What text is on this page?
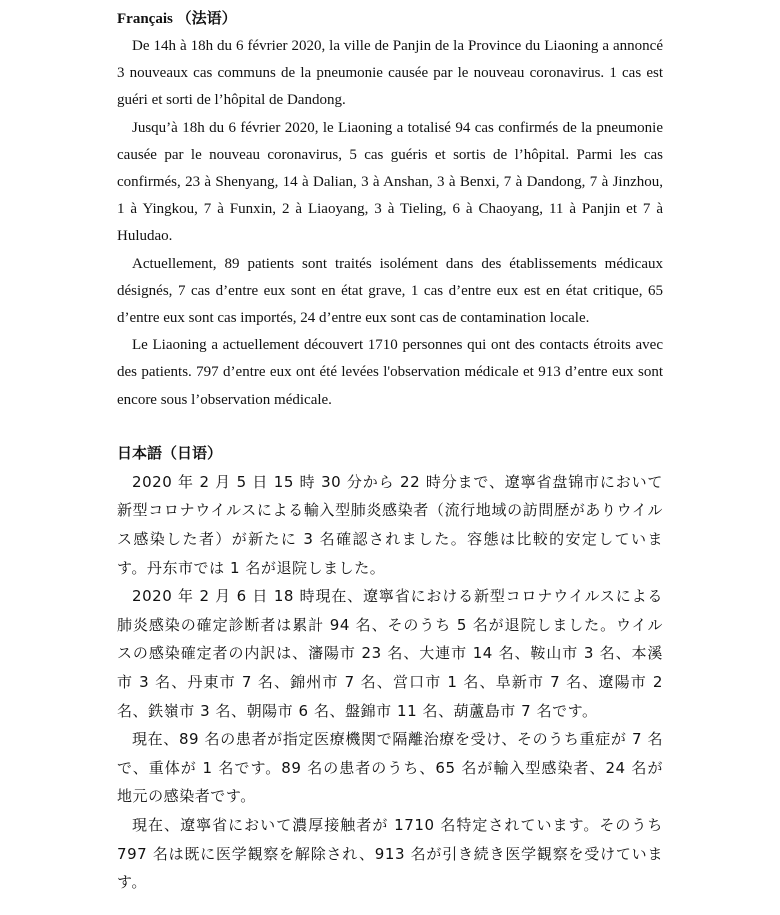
Français （法语）

De 14h à 18h du 6 février 2020, la ville de Panjin de la Province du Liaoning a annoncé 3 nouveaux cas communs de la pneumonie causée par le nouveau coronavirus. 1 cas est guéri et sorti de l’hôpital de Dandong.

Jusqu’à 18h du 6 février 2020, le Liaoning a totalisé 94 cas confirmés de la pneumonie causée par le nouveau coronavirus, 5 cas guéris et sortis de l’hôpital. Parmi les cas confirmés, 23 à Shenyang, 14 à Dalian, 3 à Anshan, 3 à Benxi, 7 à Dandong, 7 à Jinzhou, 1 à Yingkou, 7 à Funxin, 2 à Liaoyang, 3 à Tieling, 6 à Chaoyang, 11 à Panjin et 7 à Huludao.

Actuellement, 89 patients sont traités isolément dans des établissements médicaux désignés, 7 cas d’entre eux sont en état grave, 1 cas d’entre eux est en état critique, 65 d’entre eux sont cas importés, 24 d’entre eux sont cas de contamination locale.

Le Liaoning a actuellement découvert 1710 personnes qui ont des contacts étroits avec des patients. 797 d’entre eux ont été levées l'observation médicale et 913 d’entre eux sont encore sous l’observation médicale.

日本語（日语）

2020 年 2 月 5 日 15 時 30 分から 22 時分まで、遼寧省盘锦市において新型コロナウイルスによる輸入型肺炎感染者（流行地域の訪問歴がありウイルス感染した者）が新たに 3 名確認されました。容態は比較的安定しています。丹东市では 1 名が退院しました。

2020 年 2 月 6 日 18 時現在、遼寧省における新型コロナウイルスによる肺炎感染の確定診断者は累計 94 名、そのうち 5 名が退院しました。ウイルスの感染確定者の内訳は、瀋陽市 23 名、大連市 14 名、鞍山市 3 名、本溪市 3 名、丹東市 7 名、錦州市 7 名、営口市 1 名、阜新市 7 名、遼陽市 2 名、鉄嶺市 3 名、朝陽市 6 名、盤錦市 11 名、葫蘆島市 7 名です。

現在、89 名の患者が指定医療機関で隔離治療を受け、そのうち重症が 7 名で、重体が 1 名です。89 名の患者のうち、65 名が輸入型感染者、24 名が地元の感染者です。

現在、遼寧省において濃厚接触者が 1710 名特定されています。そのうち 797 名は既に医学観察を解除され、913 名が引き続き医学観察を受けています。
